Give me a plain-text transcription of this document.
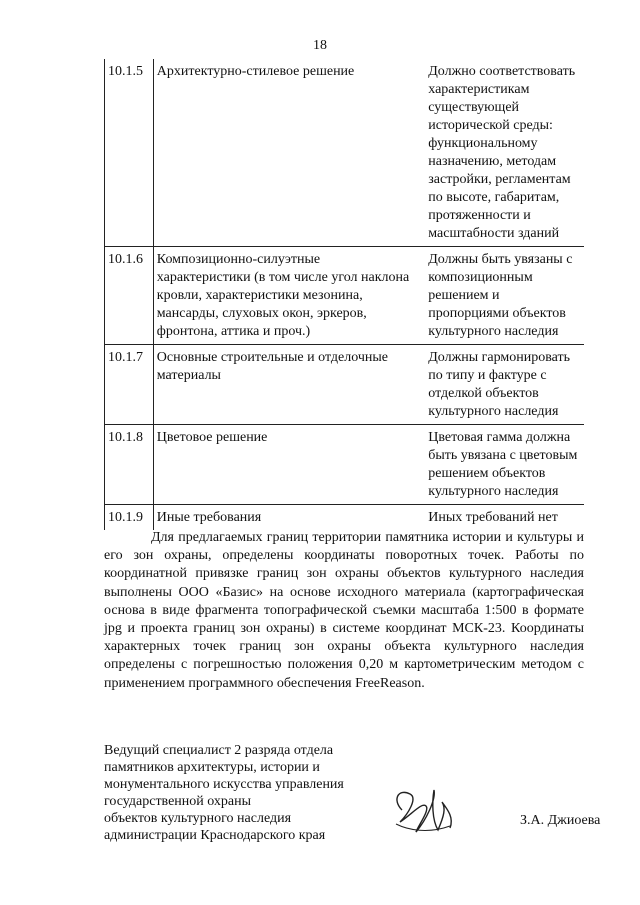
18
10.1.5	Архитектурно-стилевое решение	Должно соответствовать характеристикам существующей исторической среды: функциональному назначению, методам застройки, регламентам по высоте, габаритам, протяженности и масштабности зданий
10.1.6	Композиционно-силуэтные характеристики (в том числе угол наклона кровли, характеристики мезонина, мансарды, слуховых окон, эркеров, фронтона, аттика и проч.)	Должны быть увязаны с композиционным решением и пропорциями объектов культурного наследия
10.1.7	Основные строительные и отделочные материалы	Должны гармонировать по типу и фактуре с отделкой объектов культурного наследия
10.1.8	Цветовое решение	Цветовая гамма должна быть увязана с цветовым решением объектов культурного наследия
10.1.9	Иные требования	Иных требований нет

Для предлагаемых границ территории памятника истории и культуры и его зон охраны, определены координаты поворотных точек. Работы по координатной привязке границ зон охраны объектов культурного наследия выполнены ООО «Базис» на основе исходного материала (картографическая основа в виде фрагмента топографической съемки масштаба 1:500 в формате jpg и проекта границ зон охраны) в системе координат МСК-23. Координаты характерных точек границ зон охраны объекта культурного наследия определены с погрешностью положения 0,20 м картометрическим методом с применением программного обеспечения FreeReason.

Ведущий специалист 2 разряда отдела
памятников архитектуры, истории и
монументального искусства управления
государственной охраны
объектов культурного наследия
администрации Краснодарского края
З.А. Джиоева
